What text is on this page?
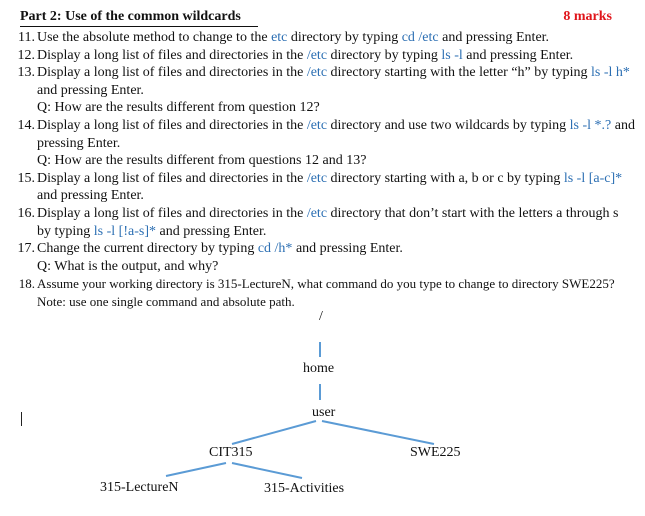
Part 2: Use of the common wildcards	8 marks
11 . Use the absolute method to change to the etc directory by typing cd /etc and pressing Enter.
12 . Display a long list of files and directories in the /etc directory by typing ls -l and pressing Enter.
13 . Display a long list of files and directories in the /etc directory starting with the letter “h” by typing ls -l h* and pressing Enter.
Q: How are the results different from question 12?
14 . Display a long list of files and directories in the /etc directory and use two wildcards by typing ls -l *.? and pressing Enter.
Q: How are the results different from questions 12 and 13?
15 . Display a long list of files and directories in the /etc directory starting with a, b or c by typing ls -l [a-c]* and pressing Enter.
16 . Display a long list of files and directories in the /etc directory that don’t start with the letters a through s by typing ls -l [!a-s]* and pressing Enter.
17 . Change the current directory by typing cd /h* and pressing Enter.
Q: What is the output, and why?
18 . Assume your working directory is 315-LectureN, what command do you type to change to directory SWE225? Note: use one single command and absolute path.
/
home
user
CIT315	SWE225
315-LectureN	315-Activities
